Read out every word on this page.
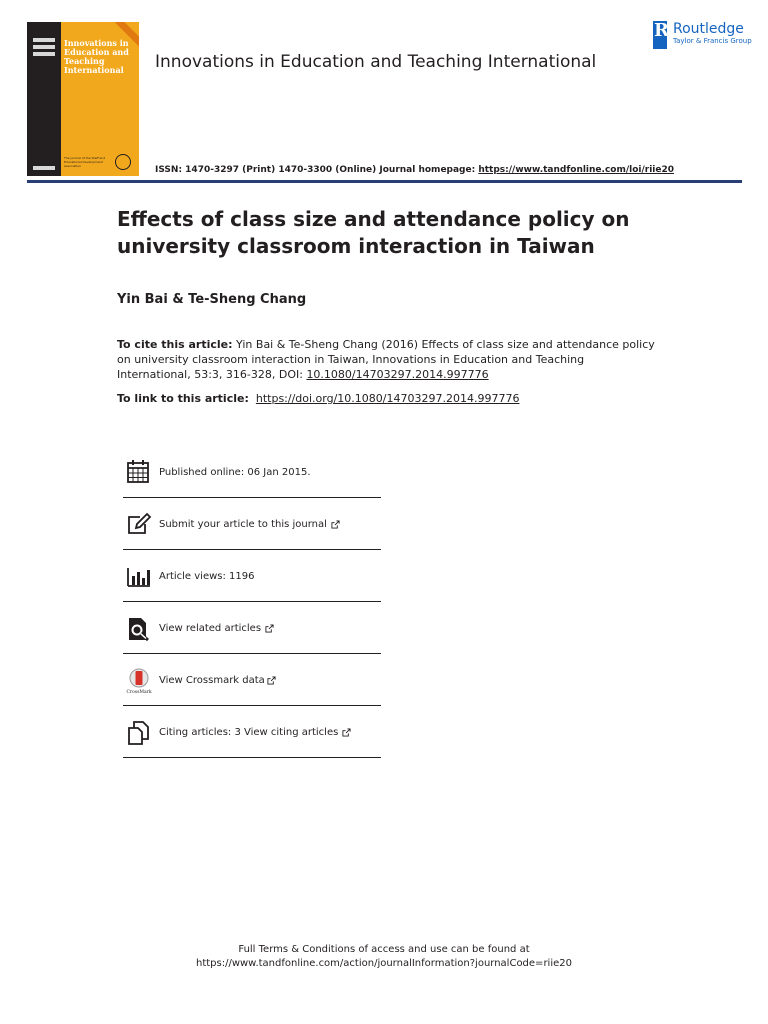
Innovations in Education and Teaching International
The journal of the Staff and Educational Development Association
Innovations in Education and Teaching International
R Routledge
Taylor & Francis Group
ISSN: 1470-3297 (Print) 1470-3300 (Online) Journal homepage: https://www.tandfonline.com/loi/riie20
Effects of class size and attendance policy on university classroom interaction in Taiwan
Yin Bai & Te-Sheng Chang
To cite this article: Yin Bai & Te-Sheng Chang (2016) Effects of class size and attendance policy on university classroom interaction in Taiwan, Innovations in Education and Teaching International, 53:3, 316-328, DOI: 10.1080/14703297.2014.997776
To link to this article: https://doi.org/10.1080/14703297.2014.997776
Published online: 06 Jan 2015.
Submit your article to this journal
Article views: 1196
View related articles
CrossMark
View Crossmark data
Citing articles: 3 View citing articles
Full Terms & Conditions of access and use can be found at
https://www.tandfonline.com/action/journalInformation?journalCode=riie20
